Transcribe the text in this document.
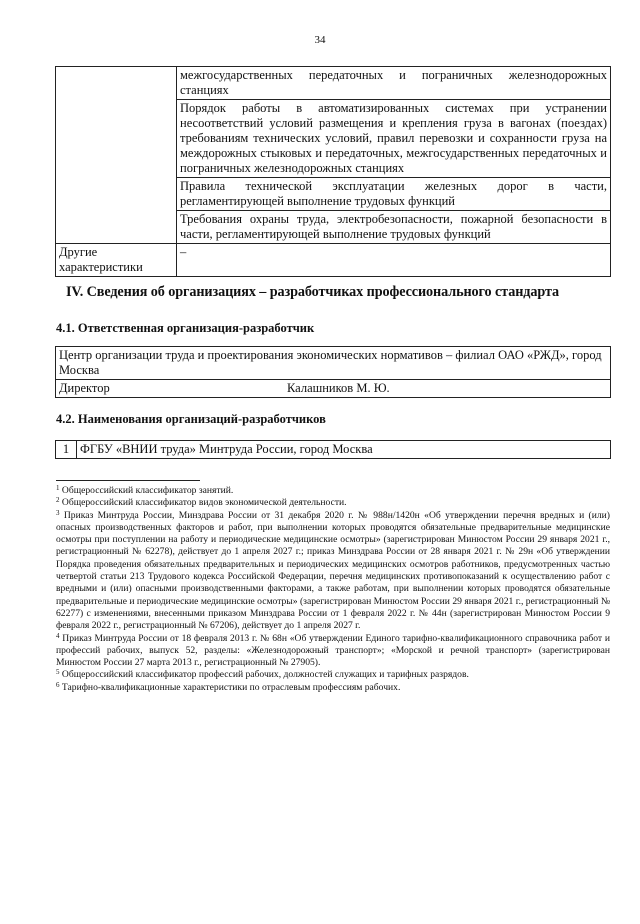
34
	межгосударственных передаточных и пограничных железнодорожных станциях
	Порядок работы в автоматизированных системах при устранении несоответствий условий размещения и крепления груза в вагонах (поездах) требованиям технических условий, правил перевозки и сохранности груза на междорожных стыковых и передаточных, межгосударственных передаточных и пограничных железнодорожных станциях
	Правила технической эксплуатации железных дорог в части, регламентирующей выполнение трудовых функций
	Требования охраны труда, электробезопасности, пожарной безопасности в части, регламентирующей выполнение трудовых функций
Другие характеристики	–
IV. Сведения об организациях – разработчиках профессионального стандарта
4.1. Ответственная организация-разработчик
Центр организации труда и проектирования экономических нормативов – филиал ОАО «РЖД», город Москва
Директор	Калашников М. Ю.
4.2. Наименования организаций-разработчиков
1	ФГБУ «ВНИИ труда» Минтруда России, город Москва

$^1$ Общероссийский классификатор занятий.

$^2$ Общероссийский классификатор видов экономической деятельности.

$^3$ Приказ Минтруда России, Минздрава России от 31 декабря 2020 г. № 988н/1420н «Об утверждении перечня вредных и (или) опасных производственных факторов и работ, при выполнении которых проводятся обязательные предварительные медицинские осмотры при поступлении на работу и периодические медицинские осмотры» (зарегистрирован Минюстом России 29 января 2021 г., регистрационный № 62278), действует до 1 апреля 2027 г.; приказ Минздрава России от 28 января 2021 г. № 29н «Об утверждении Порядка проведения обязательных предварительных и периодических медицинских осмотров работников, предусмотренных частью четвертой статьи 213 Трудового кодекса Российской Федерации, перечня медицинских противопоказаний к осуществлению работ с вредными и (или) опасными производственными факторами, а также работам, при выполнении которых проводятся обязательные предварительные и периодические медицинские осмотры» (зарегистрирован Минюстом России 29 января 2021 г., регистрационный № 62277) с изменениями, внесенными приказом Минздрава России от 1 февраля 2022 г. № 44н (зарегистрирован Минюстом России 9 февраля 2022 г., регистрационный № 67206), действует до 1 апреля 2027 г.

$^4$ Приказ Минтруда России от 18 февраля 2013 г. № 68н «Об утверждении Единого тарифно-квалификационного справочника работ и профессий рабочих, выпуск 52, разделы: «Железнодорожный транспорт»; «Морской и речной транспорт» (зарегистрирован Минюстом России 27 марта 2013 г., регистрационный № 27905).

$^5$ Общероссийский классификатор профессий рабочих, должностей служащих и тарифных разрядов.

$^6$ Тарифно-квалификационные характеристики по отраслевым профессиям рабочих.
